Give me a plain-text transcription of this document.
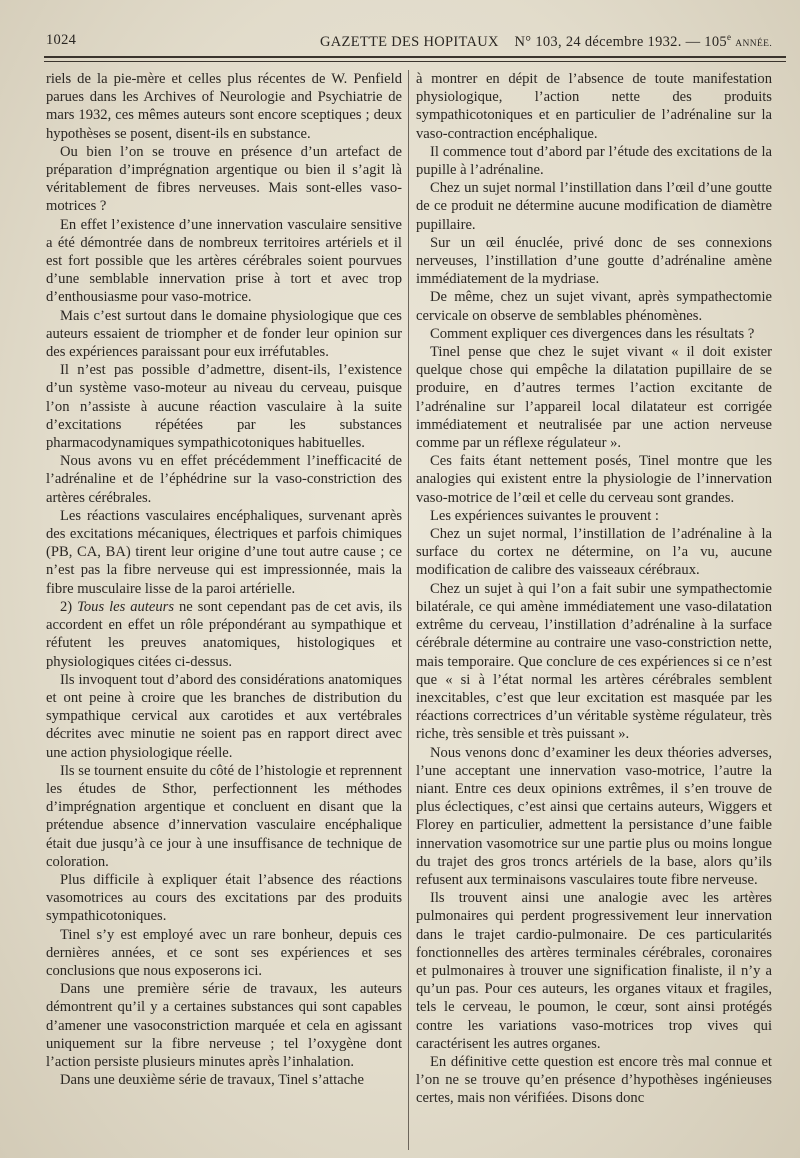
1024	GAZETTE DES HOPITAUX N° 103, 24 décembre 1932. — 105e ANNÉE.

riels de la pie-mère et celles plus récentes de W. Penfield parues dans les Archives of Neurologie and Psychiatrie de mars 1932, ces mêmes auteurs sont encore sceptiques ; deux hypothèses se posent, disent-ils en substance.

Ou bien l’on se trouve en présence d’un artefact de préparation d’imprégnation argentique ou bien il s’agit là véritablement de fibres nerveuses. Mais sont-elles vaso-motrices ?

En effet l’existence d’une innervation vasculaire sensitive a été démontrée dans de nombreux territoires artériels et il est fort possible que les artères cérébrales soient pourvues d’une semblable innervation prise à tort et avec trop d’enthousiasme pour vaso-motrice.

Mais c’est surtout dans le domaine physiologique que ces auteurs essaient de triompher et de fonder leur opinion sur des expériences paraissant pour eux irréfutables.

Il n’est pas possible d’admettre, disent-ils, l’existence d’un système vaso-moteur au niveau du cerveau, puisque l’on n’assiste à aucune réaction vasculaire à la suite d’excitations répétées par les substances pharmacodynamiques sympathicotoniques habituelles.

Nous avons vu en effet précédemment l’inefficacité de l’adrénaline et de l’éphédrine sur la vaso-constriction des artères cérébrales.

Les réactions vasculaires encéphaliques, survenant après des excitations mécaniques, électriques et parfois chimiques (PB, CA, BA) tirent leur origine d’une tout autre cause ; ce n’est pas la fibre nerveuse qui est impressionnée, mais la fibre musculaire lisse de la paroi artérielle.

2) Tous les auteurs ne sont cependant pas de cet avis, ils accordent en effet un rôle prépondérant au sympathique et réfutent les preuves anatomiques, histologiques et physiologiques citées ci-dessus.

Ils invoquent tout d’abord des considérations anatomiques et ont peine à croire que les branches de distribution du sympathique cervical aux carotides et aux vertébrales décrites avec minutie ne soient pas en rapport direct avec une action physiologique réelle.

Ils se tournent ensuite du côté de l’histologie et reprennent les études de Sthor, perfectionnent les méthodes d’imprégnation argentique et concluent en disant que la prétendue absence d’innervation vasculaire encéphalique était due jusqu’à ce jour à une insuffisance de technique de coloration.

Plus difficile à expliquer était l’absence des réactions vasomotrices au cours des excitations par des produits sympathicotoniques.

Tinel s’y est employé avec un rare bonheur, depuis ces dernières années, et ce sont ses expériences et ses conclusions que nous exposerons ici.

Dans une première série de travaux, les auteurs démontrent qu’il y a certaines substances qui sont capables d’amener une vasoconstriction marquée et cela en agissant uniquement sur la fibre nerveuse ; tel l’oxygène dont l’action persiste plusieurs minutes après l’inhalation.

Dans une deuxième série de travaux, Tinel s’attache

à montrer en dépit de l’absence de toute manifestation physiologique, l’action nette des produits sympathicotoniques et en particulier de l’adrénaline sur la vaso-contraction encéphalique.

Il commence tout d’abord par l’étude des excitations de la pupille à l’adrénaline.

Chez un sujet normal l’instillation dans l’œil d’une goutte de ce produit ne détermine aucune modification de diamètre pupillaire.

Sur un œil énuclée, privé donc de ses connexions nerveuses, l’instillation d’une goutte d’adrénaline amène immédiatement de la mydriase.

De même, chez un sujet vivant, après sympathectomie cervicale on observe de semblables phénomènes.

Comment expliquer ces divergences dans les résultats ?

Tinel pense que chez le sujet vivant « il doit exister quelque chose qui empêche la dilatation pupillaire de se produire, en d’autres termes l’action excitante de l’adrénaline sur l’appareil local dilatateur est corrigée immédiatement et neutralisée par une action nerveuse comme par un réflexe régulateur ».

Ces faits étant nettement posés, Tinel montre que les analogies qui existent entre la physiologie de l’innervation vaso-motrice de l’œil et celle du cerveau sont grandes.

Les expériences suivantes le prouvent :

Chez un sujet normal, l’instillation de l’adrénaline à la surface du cortex ne détermine, on l’a vu, aucune modification de calibre des vaisseaux cérébraux.

Chez un sujet à qui l’on a fait subir une sympathectomie bilatérale, ce qui amène immédiatement une vaso-dilatation extrême du cerveau, l’instillation d’adrénaline à la surface cérébrale détermine au contraire une vaso-constriction nette, mais temporaire. Que conclure de ces expériences si ce n’est que « si à l’état normal les artères cérébrales semblent inexcitables, c’est que leur excitation est masquée par les réactions correctrices d’un véritable système régulateur, très riche, très sensible et très puissant ».

Nous venons donc d’examiner les deux théories adverses, l’une acceptant une innervation vaso-motrice, l’autre la niant. Entre ces deux opinions extrêmes, il s’en trouve de plus éclectiques, c’est ainsi que certains auteurs, Wiggers et Florey en particulier, admettent la persistance d’une faible innervation vasomotrice sur une partie plus ou moins longue du trajet des gros troncs artériels de la base, alors qu’ils refusent aux terminaisons vasculaires toute fibre nerveuse.

Ils trouvent ainsi une analogie avec les artères pulmonaires qui perdent progressivement leur innervation dans le trajet cardio-pulmonaire. De ces particularités fonctionnelles des artères terminales cérébrales, coronaires et pulmonaires à trouver une signification finaliste, il n’y a qu’un pas. Pour ces auteurs, les organes vitaux et fragiles, tels le cerveau, le poumon, le cœur, sont ainsi protégés contre les variations vaso-motrices trop vives qui caractérisent les autres organes.

En définitive cette question est encore très mal connue et l’on ne se trouve qu’en présence d’hypothèses ingénieuses certes, mais non vérifiées. Disons donc
